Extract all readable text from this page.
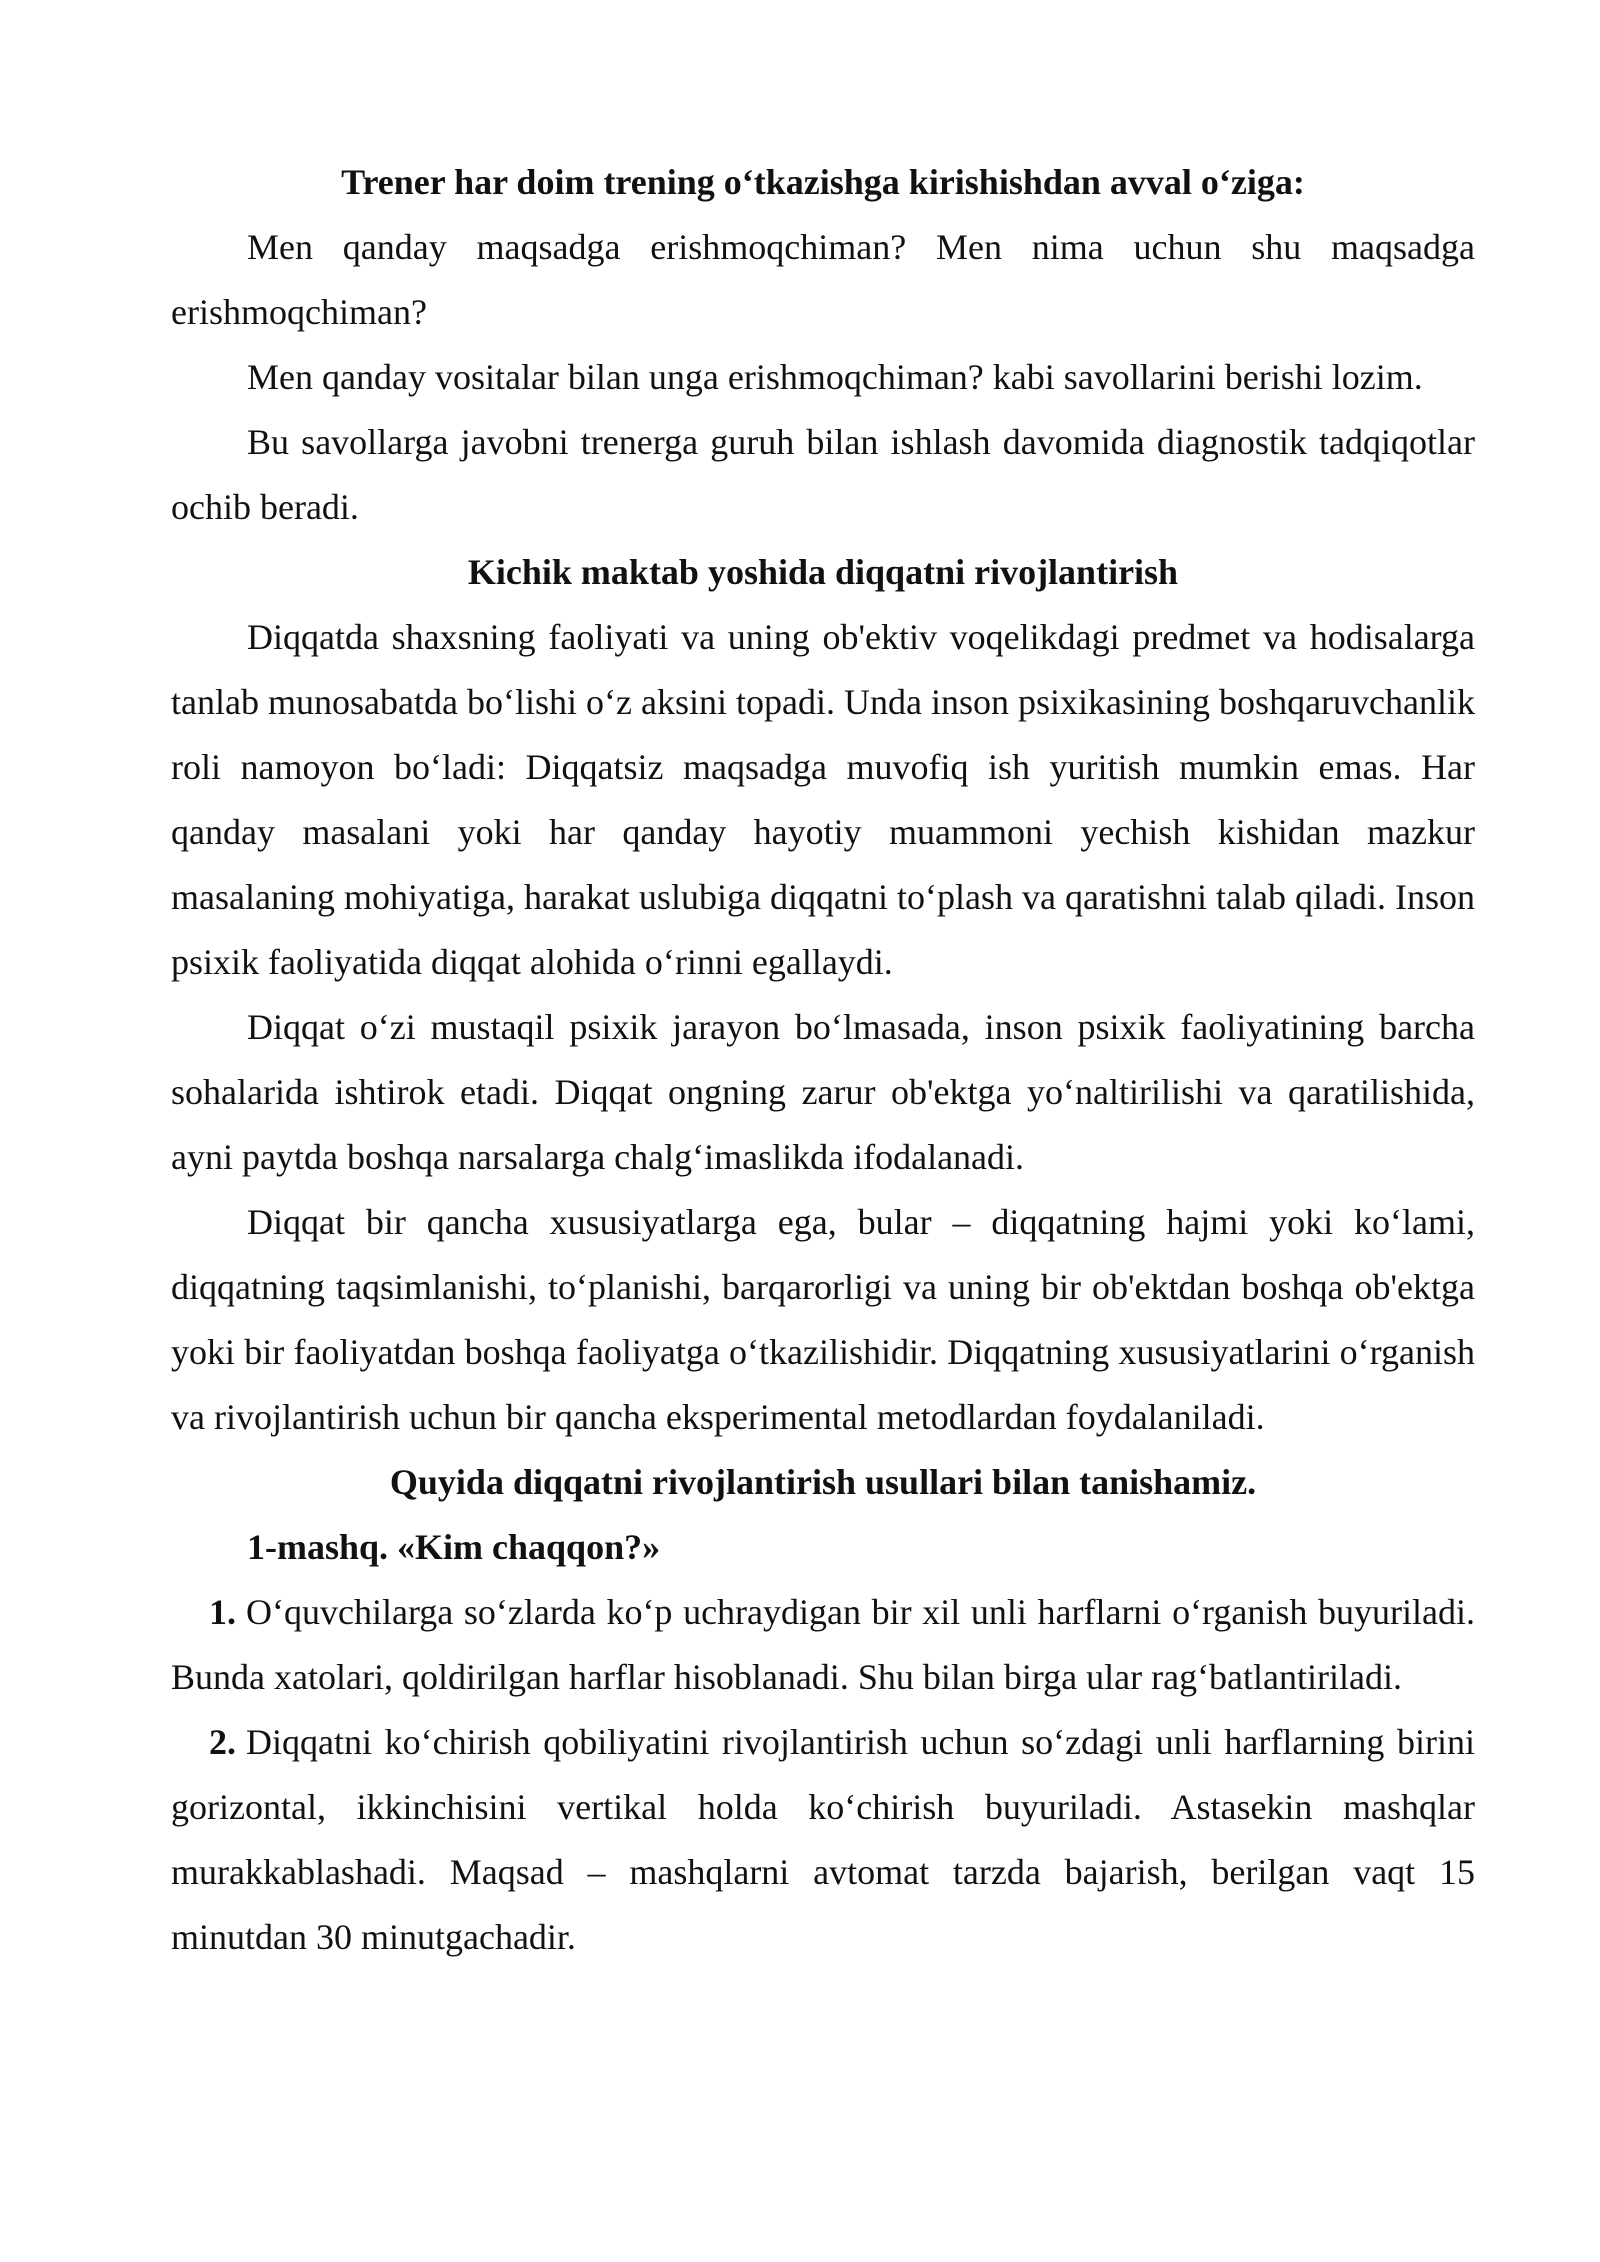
Trener har doim trening o‘tkazishga kirishishdan avval o‘ziga:

Men qanday maqsadga erishmoqchiman? Men nima uchun shu maqsadga erishmoqchiman?

Men qanday vositalar bilan unga erishmoqchiman? kabi savollarini berishi lozim.

Bu savollarga javobni trenerga guruh bilan ishlash davomida diagnostik tadqiqotlar ochib beradi.

Kichik maktab yoshida diqqatni rivojlantirish

Diqqatda shaxsning faoliyati va uning ob'ektiv voqelikdagi predmet va hodisalarga tanlab munosabatda bo‘lishi o‘z aksini topadi. Unda inson psixikasining boshqaruvchanlik roli namoyon bo‘ladi: Diqqatsiz maqsadga muvofiq ish yuritish mumkin emas. Har qanday masalani yoki har qanday hayotiy muammoni yechish kishidan mazkur masalaning mohiyatiga, harakat uslubiga diqqatni to‘plash va qaratishni talab qiladi. Inson psixik faoliyatida diqqat alohida o‘rinni egallaydi.

Diqqat o‘zi mustaqil psixik jarayon bo‘lmasada, inson psixik faoliyatining barcha sohalarida ishtirok etadi. Diqqat ongning zarur ob'ektga yo‘naltirilishi va qaratilishida, ayni paytda boshqa narsalarga chalg‘imaslikda ifodalanadi.

Diqqat bir qancha xususiyatlarga ega, bular – diqqatning hajmi yoki ko‘lami, diqqatning taqsimlanishi, to‘planishi, barqarorligi va uning bir ob'ektdan boshqa ob'ektga yoki bir faoliyatdan boshqa faoliyatga o‘tkazilishidir. Diqqatning xususiyatlarini o‘rganish va rivojlantirish uchun bir qancha eksperimental metodlardan foydalaniladi.

Quyida diqqatni rivojlantirish usullari bilan tanishamiz.

1-mashq. «Kim chaqqon?»

1. O‘quvchilarga so‘zlarda ko‘p uchraydigan bir xil unli harflarni o‘rganish buyuriladi. Bunda xatolari, qoldirilgan harflar hisoblanadi. Shu bilan birga ular rag‘batlantiriladi.

2. Diqqatni ko‘chirish qobiliyatini rivojlantirish uchun so‘zdagi unli harflarning birini gorizontal, ikkinchisini vertikal holda ko‘chirish buyuriladi. Astasekin mashqlar murakkablashadi. Maqsad – mashqlarni avtomat tarzda bajarish, berilgan vaqt 15 minutdan 30 minutgachadir.
